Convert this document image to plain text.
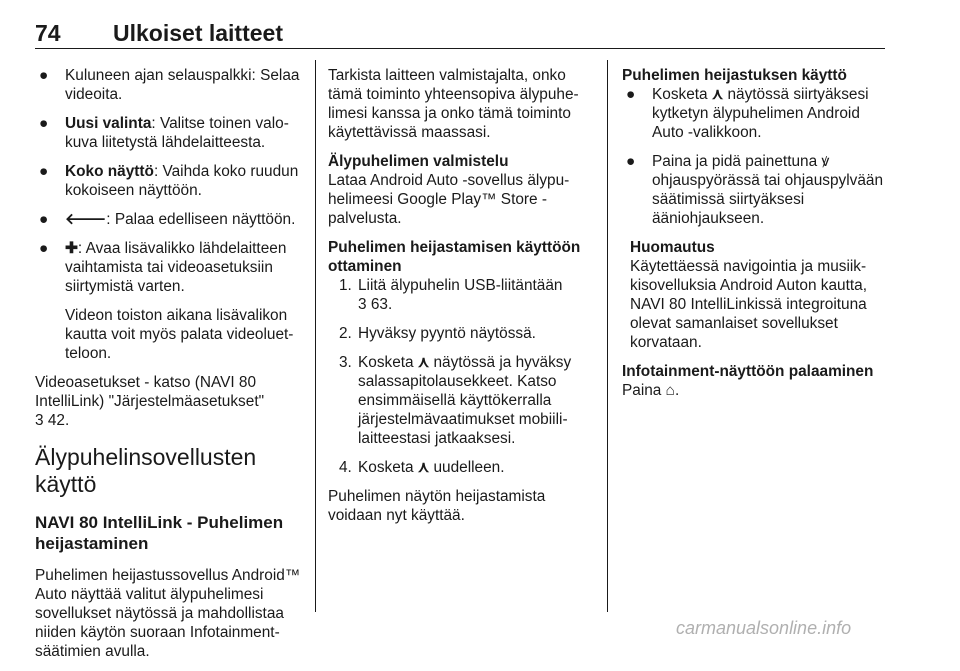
74 Ulkoiset laitteet
● Kuluneen ajan selauspalkki: Selaa videoita.
● Uusi valinta: Valitse toinen valokuva liitetystä lähdelaitteesta.
● Koko näyttö: Vaihda koko ruudun kokoiseen näyttöön.
● 🡐: Palaa edelliseen näyttöön.
● ✚: Avaa lisävalikko lähdelaitteen vaihtamista tai videoasetuksiin siirtymistä varten.
Videon toiston aikana lisävalikon kautta voit myös palata videoluetteloon.

Videoasetukset - katso (NAVI 80 IntelliLink) "Järjestelmäasetukset"

3 42.

Älypuhelinsovellusten käyttö
NAVI 80 IntelliLink - Puhelimen heijastaminen

Puhelimen heijastussovellus Android™ Auto näyttää valitut älypuhelimesi sovellukset näytössä ja mahdollistaa niiden käytön suoraan Infotainment-säätimien avulla.

Tarkista laitteen valmistajalta, onko tämä toiminto yhteensopiva älypuhelimesi kanssa ja onko tämä toiminto käytettävissä maassasi.

Älypuhelimen valmistelu

Lataa Android Auto -sovellus älypuhelimeesi Google Play™ Store -palvelusta.

Puhelimen heijastamisen käyttöön ottaminen

1. Liitä älypuhelin USB-liitäntään
3 63.
2. Hyväksy pyyntö näytössä.
3. Kosketa ⋏ näytössä ja hyväksy salassapitolausekkeet. Katso ensimmäisellä käyttökerralla järjestelmävaatimukset mobiililaitteestasi jatkaaksesi.
4. Kosketa ⋏ uudelleen.

Puhelimen näytön heijastamista voidaan nyt käyttää.

Puhelimen heijastuksen käyttö

● Kosketa ⋏ näytössä siirtyäksesi kytketyn älypuhelimen Android Auto -valikkoon.
● Paina ja pidä painettuna ꝟ ohjauspyörässä tai ohjauspylvään säätimissä siirtyäksesi ääniohjaukseen.

Huomautus

Käytettäessä navigointia ja musiikkisovelluksia Android Auton kautta, NAVI 80 IntelliLinkissä integroituna olevat samanlaiset sovellukset korvataan.

Infotainment-näyttöön palaaminen

Paina ⌂.

carmanualsonline.info
